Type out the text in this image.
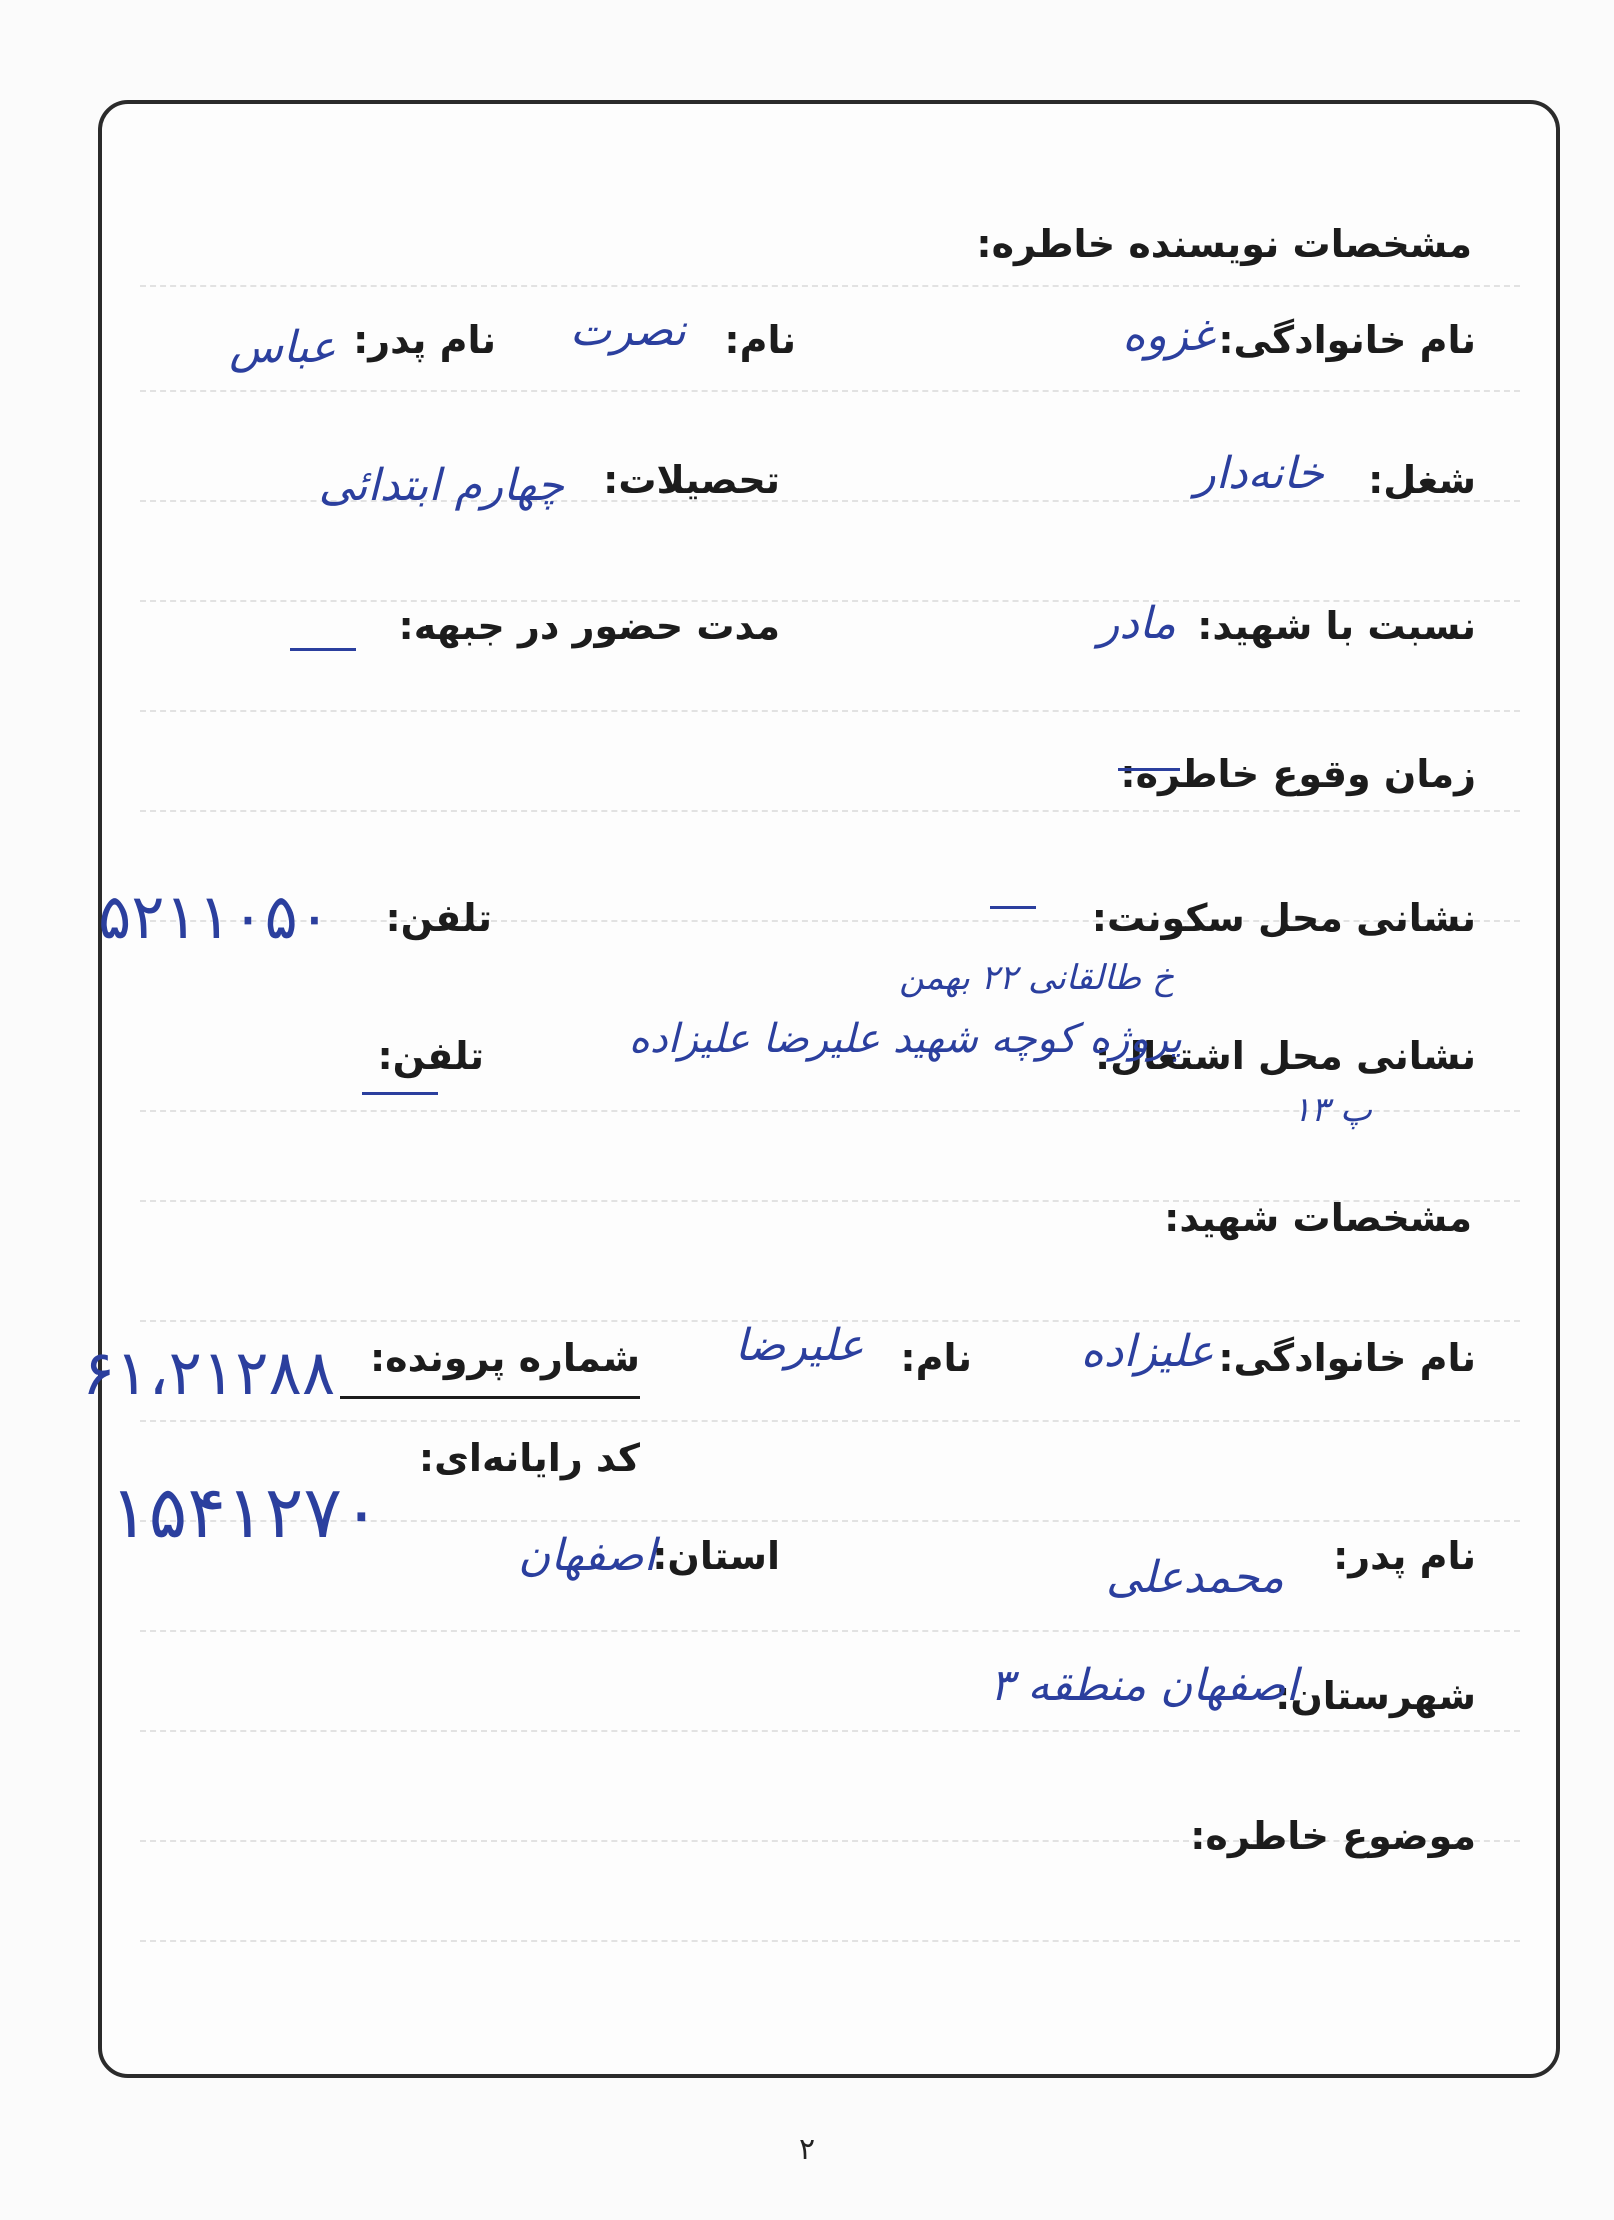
مشخصات نویسنده خاطره:
نام خانوادگی:
غزوه
نام:
نصرت
نام پدر:
عباس
شغل:
خانه‌دار
تحصیلات:
چهارم ابتدائی
نسبت با شهید:
مادر
مدت حضور در جبهه:
زمان وقوع خاطره:
نشانی محل سکونت:
تلفن:
۵۲۱۱۰۵۰
خ طالقانی ۲۲ بهمن
نشانی محل اشتغال:
پروژه کوچه شهید علیرضا علیزاده
تلفن:
پ ۱۳
مشخصات شهید:
نام خانوادگی:
علیزاده
نام:
علیرضا
شماره پرونده:
۶۱،۲۱۲۸۸
کد رایانه‌ای:
۱۵۴۱۲۷۰
نام پدر:
محمدعلی
استان:
اصفهان
شهرستان:
اصفهان منطقه ۳
موضوع خاطره:
۲
